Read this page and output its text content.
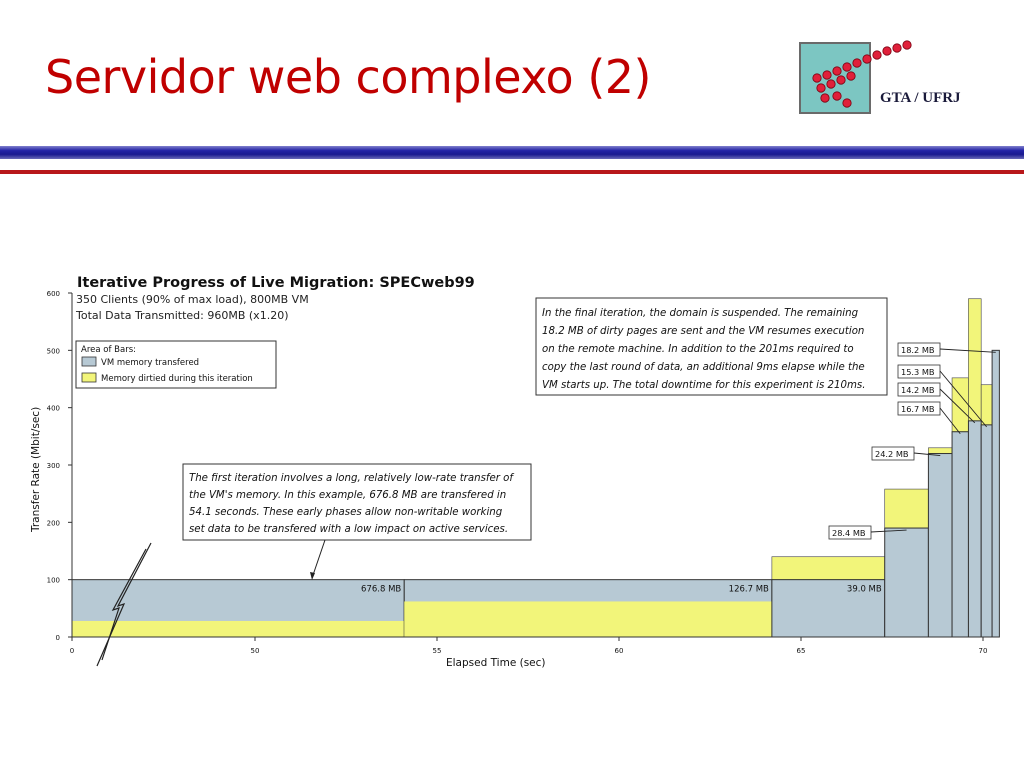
Servidor web complexo (2)	GTA / UFRJ
Iterative Progress of Live Migration: SPECweb99
350 Clients (90% of max load), 800MB VM
Total Data Transmitted: 960MB (x1.20)
676.8 MB	126.7 MB	39.0 MB
28.4 MB
24.2 MB
16.7 MB
14.2 MB
15.3 MB
18.2 MB
0
100
200
300
400
500
600
0	50	55	60	65	70
Area of Bars:
VM memory transfered
Memory dirtied during this iteration
In the final iteration, the domain is suspended. The remaining
18.2 MB of dirty pages are sent and the VM resumes execution
on the remote machine. In addition to the 201ms required to
copy the last round of data, an additional 9ms elapse while the
VM starts up. The total downtime for this experiment is 210ms.
The first iteration involves a long, relatively low-rate transfer of
the VM's memory. In this example, 676.8 MB are transfered in
54.1 seconds. These early phases allow non-writable working
set data to be transfered with a low impact on active services.
Elapsed Time (sec)
Transfer Rate (Mbit/sec)
